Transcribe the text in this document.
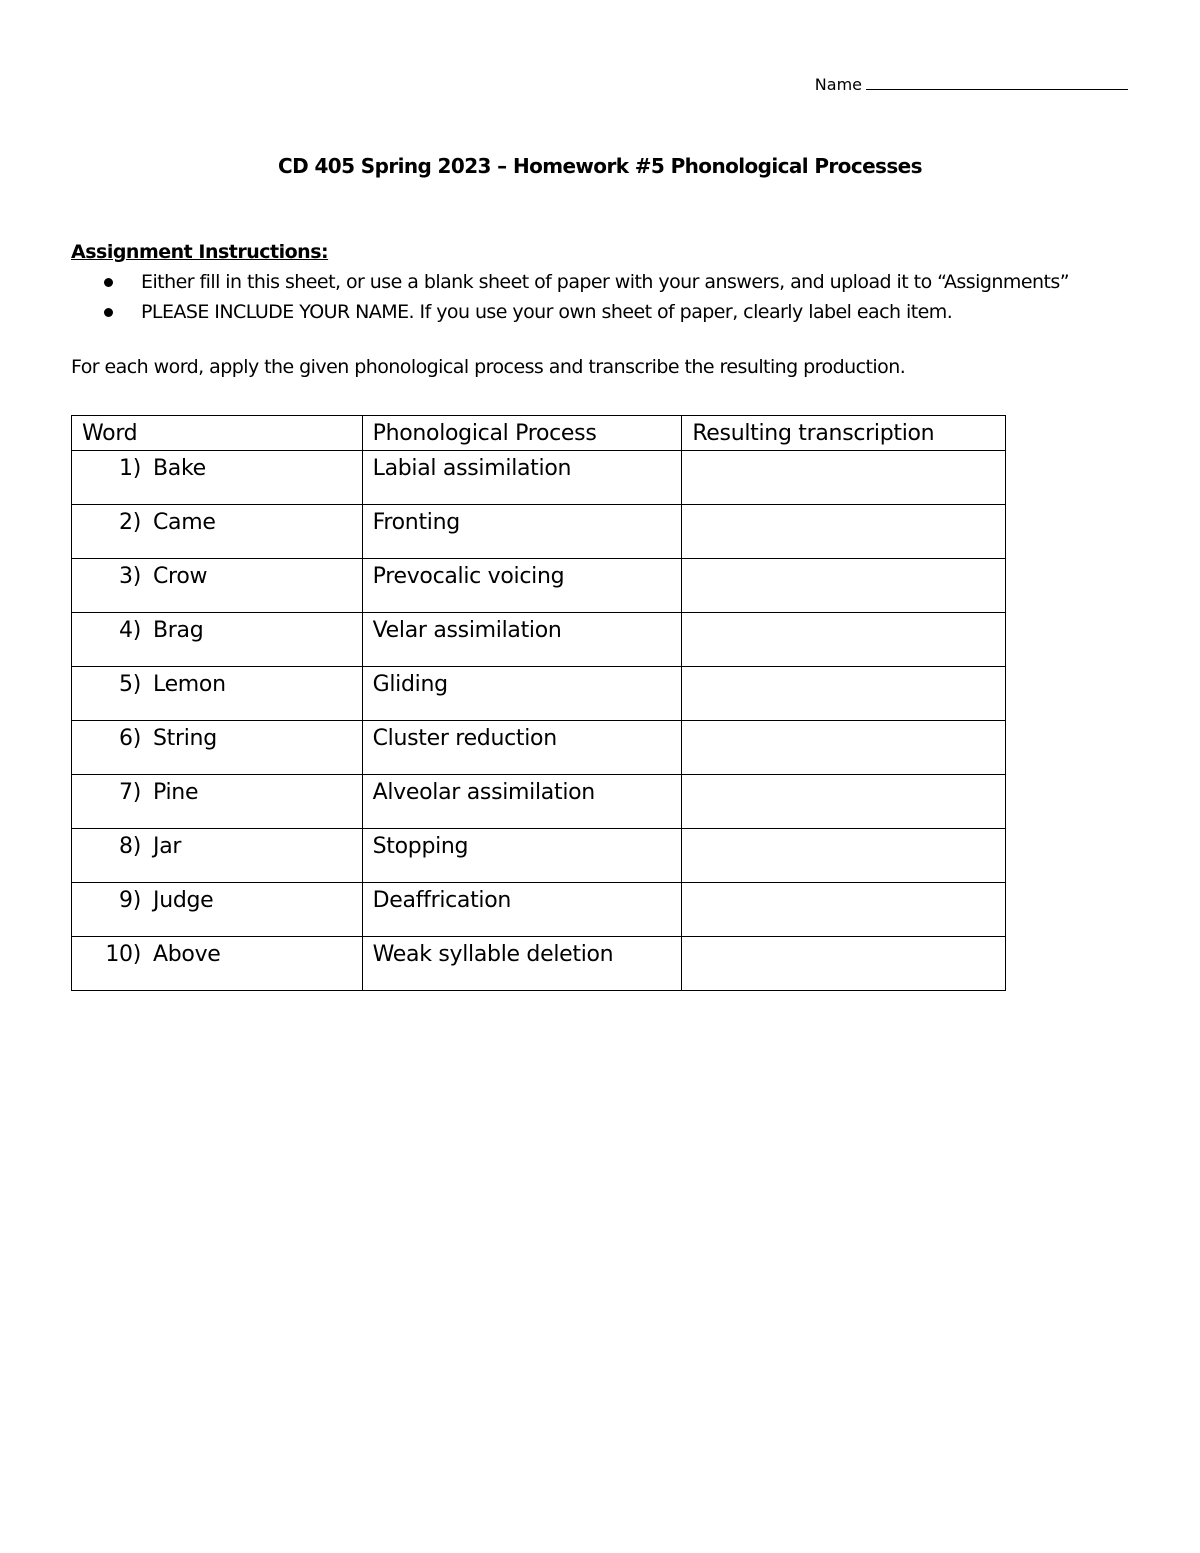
Name
CD 405 Spring 2023 – Homework #5 Phonological Processes
Assignment Instructions:
Either fill in this sheet, or use a blank sheet of paper with your answers, and upload it to “Assignments”
PLEASE INCLUDE YOUR NAME. If you use your own sheet of paper, clearly label each item.
For each word, apply the given phonological process and transcribe the resulting production.
Word	Phonological Process	Resulting transcription
1) Bake	Labial assimilation	
2) Came	Fronting	
3) Crow	Prevocalic voicing	
4) Brag	Velar assimilation	
5) Lemon	Gliding	
6) String	Cluster reduction	
7) Pine	Alveolar assimilation	
8) Jar	Stopping	
9) Judge	Deaffrication	
10) Above	Weak syllable deletion	
